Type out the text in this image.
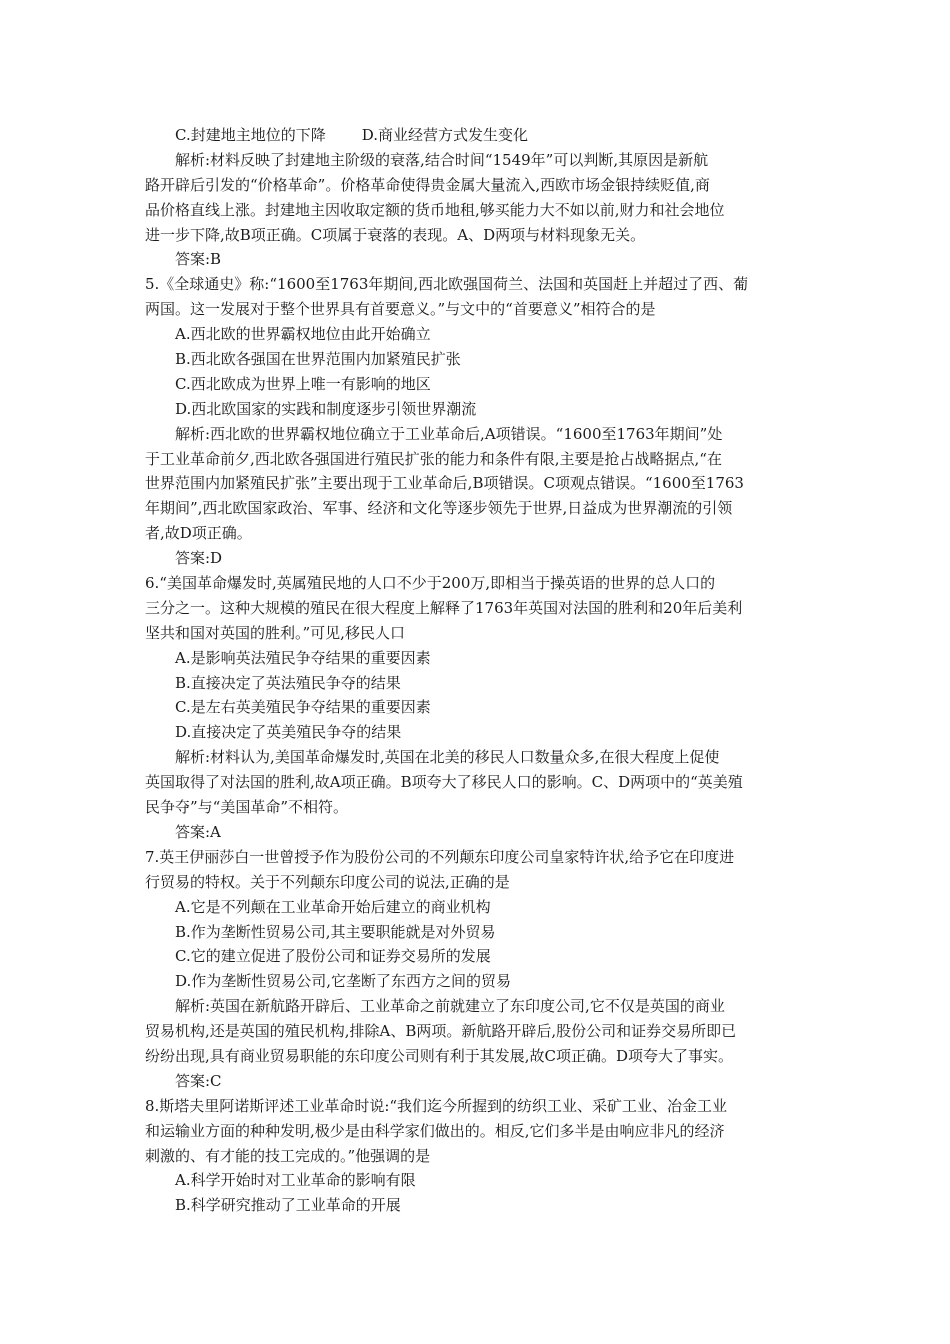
C.封建地主地位的下降 D.商业经营方式发生变化
解析:材料反映了封建地主阶级的衰落,结合时间“1549年”可以判断,其原因是新航
路开辟后引发的“价格革命”。价格革命使得贵金属大量流入,西欧市场金银持续贬值,商
品价格直线上涨。封建地主因收取定额的货币地租,够买能力大不如以前,财力和社会地位
进一步下降,故B项正确。C项属于衰落的表现。A、D两项与材料现象无关。
答案:B
5.《全球通史》称:“1600至1763年期间,西北欧强国荷兰、法国和英国赶上并超过了西、葡
两国。这一发展对于整个世界具有首要意义。”与文中的“首要意义”相符合的是
A.西北欧的世界霸权地位由此开始确立
B.西北欧各强国在世界范围内加紧殖民扩张
C.西北欧成为世界上唯一有影响的地区
D.西北欧国家的实践和制度逐步引领世界潮流
解析:西北欧的世界霸权地位确立于工业革命后,A项错误。“1600至1763年期间”处
于工业革命前夕,西北欧各强国进行殖民扩张的能力和条件有限,主要是抢占战略据点,“在
世界范围内加紧殖民扩张”主要出现于工业革命后,B项错误。C项观点错误。“1600至1763
年期间”,西北欧国家政治、军事、经济和文化等逐步领先于世界,日益成为世界潮流的引领
者,故D项正确。
答案:D
6.“美国革命爆发时,英属殖民地的人口不少于200万,即相当于操英语的世界的总人口的
三分之一。这种大规模的殖民在很大程度上解释了1763年英国对法国的胜利和20年后美利
坚共和国对英国的胜利。”可见,移民人口
A.是影响英法殖民争夺结果的重要因素
B.直接决定了英法殖民争夺的结果
C.是左右英美殖民争夺结果的重要因素
D.直接决定了英美殖民争夺的结果
解析:材料认为,美国革命爆发时,英国在北美的移民人口数量众多,在很大程度上促使
英国取得了对法国的胜利,故A项正确。B项夸大了移民人口的影响。C、D两项中的“英美殖
民争夺”与“美国革命”不相符。
答案:A
7.英王伊丽莎白一世曾授予作为股份公司的不列颠东印度公司皇家特许状,给予它在印度进
行贸易的特权。关于不列颠东印度公司的说法,正确的是
A.它是不列颠在工业革命开始后建立的商业机构
B.作为垄断性贸易公司,其主要职能就是对外贸易
C.它的建立促进了股份公司和证券交易所的发展
D.作为垄断性贸易公司,它垄断了东西方之间的贸易
解析:英国在新航路开辟后、工业革命之前就建立了东印度公司,它不仅是英国的商业
贸易机构,还是英国的殖民机构,排除A、B两项。新航路开辟后,股份公司和证券交易所即已
纷纷出现,具有商业贸易职能的东印度公司则有利于其发展,故C项正确。D项夸大了事实。
答案:C
8.斯塔夫里阿诺斯评述工业革命时说:“我们迄今所握到的纺织工业、采矿工业、冶金工业
和运输业方面的种种发明,极少是由科学家们做出的。相反,它们多半是由响应非凡的经济
刺激的、有才能的技工完成的。”他强调的是
A.科学开始时对工业革命的影响有限
B.科学研究推动了工业革命的开展
